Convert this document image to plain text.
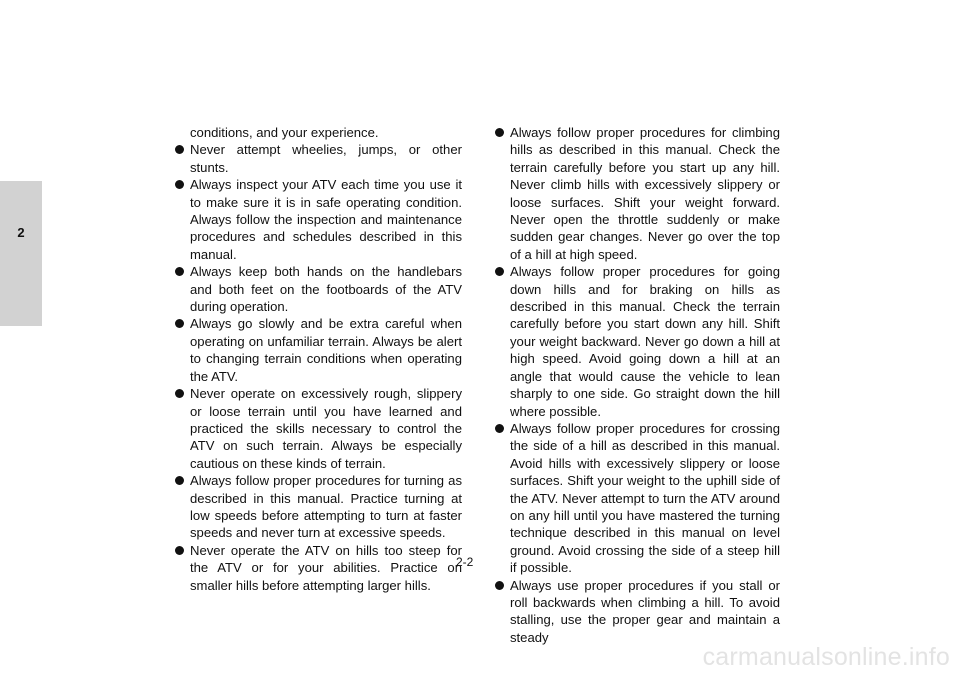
2

conditions, and your experience.

Never attempt wheelies, jumps, or other stunts.
Always inspect your ATV each time you use it to make sure it is in safe operating condition. Always follow the inspection and maintenance procedures and schedules described in this manual.
Always keep both hands on the handlebars and both feet on the footboards of the ATV during operation.
Always go slowly and be extra careful when operating on unfamiliar terrain. Always be alert to changing terrain conditions when operating the ATV.
Never operate on excessively rough, slippery or loose terrain until you have learned and practiced the skills necessary to control the ATV on such terrain. Always be especially cautious on these kinds of terrain.
Always follow proper procedures for turning as described in this manual. Practice turning at low speeds before attempting to turn at faster speeds and never turn at excessive speeds.
Never operate the ATV on hills too steep for the ATV or for your abilities. Practice on smaller hills before attempting larger hills.
Always follow proper procedures for climbing hills as described in this manual. Check the terrain carefully before you start up any hill. Never climb hills with excessively slippery or loose surfaces. Shift your weight forward. Never open the throttle suddenly or make sudden gear changes. Never go over the top of a hill at high speed.
Always follow proper procedures for going down hills and for braking on hills as described in this manual. Check the terrain carefully before you start down any hill. Shift your weight backward. Never go down a hill at high speed. Avoid going down a hill at an angle that would cause the vehicle to lean sharply to one side. Go straight down the hill where possible.
Always follow proper procedures for crossing the side of a hill as described in this manual. Avoid hills with excessively slippery or loose surfaces. Shift your weight to the uphill side of the ATV. Never attempt to turn the ATV around on any hill until you have mastered the turning technique described in this manual on level ground. Avoid crossing the side of a steep hill if possible.
Always use proper procedures if you stall or roll backwards when climbing a hill. To avoid stalling, use the proper gear and maintain a steady
2-2
carmanualsonline.info
